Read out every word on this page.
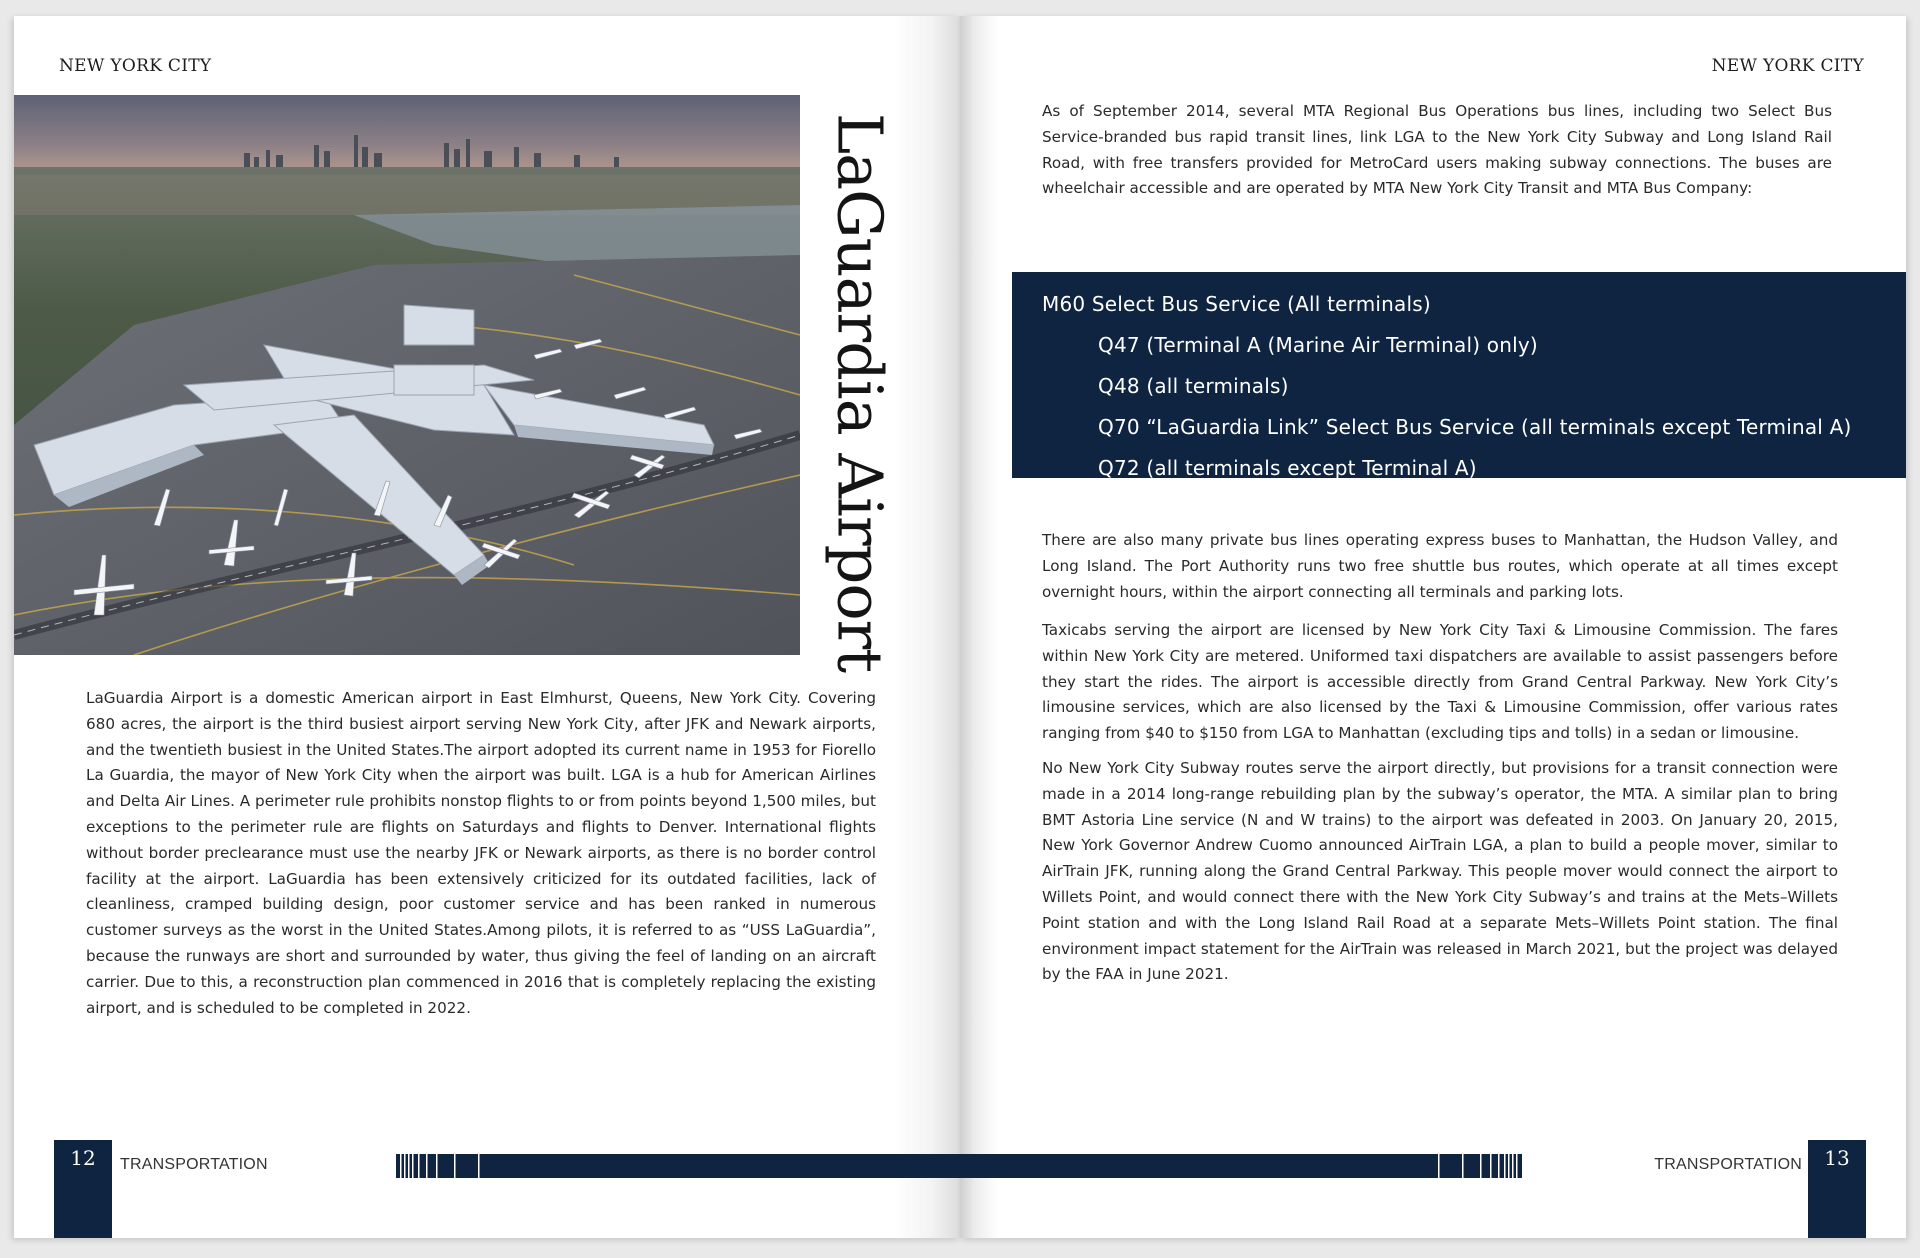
NEW YORK CITY
LaGuardia Airport

LaGuardia Airport is a domestic American airport in East Elmhurst, Queens, New York City. Covering 680 acres, the airport is the third busiest airport serving New York City, after JFK and Newark airports, and the twentieth busiest in the United States.The airport adopted its current name in 1953 for Fiorello La Guardia, the mayor of New York City when the airport was built. LGA is a hub for American Airlines and Delta Air Lines. A perimeter rule prohibits nonstop flights to or from points beyond 1,500 miles, but exceptions to the perimeter rule are flights on Saturdays and flights to Denver. International flights without border preclearance must use the nearby JFK or Newark airports, as there is no border control facility at the airport. LaGuardia has been extensively criticized for its outdated facilities, lack of cleanliness, cramped building design, poor customer service and has been ranked in numerous customer surveys as the worst in the United States.Among pilots, it is referred to as “USS LaGuardia”, because the runways are short and surrounded by water, thus giving the feel of landing on an aircraft carrier. Due to this, a reconstruction plan commenced in 2016 that is completely replacing the existing airport, and is scheduled to be completed in 2022.

12	TRANSPORTATION
NEW YORK CITY

As of September 2014, several MTA Regional Bus Operations bus lines, including two Select Bus Service-branded bus rapid transit lines, link LGA to the New York City Subway and Long Island Rail Road, with free transfers provided for MetroCard users making subway connections. The buses are wheelchair accessible and are operated by MTA New York City Transit and MTA Bus Company:

M60 Select Bus Service (All terminals)
Q47 (Terminal A (Marine Air Terminal) only)
Q48 (all terminals)
Q70 “LaGuardia Link” Select Bus Service (all terminals except Terminal A)
Q72 (all terminals except Terminal A)

There are also many private bus lines operating express buses to Manhattan, the Hudson Valley, and Long Island. The Port Authority runs two free shuttle bus routes, which operate at all times except overnight hours, within the airport connecting all terminals and parking lots.

Taxicabs serving the airport are licensed by New York City Taxi & Limousine Commission. The fares within New York City are metered. Uniformed taxi dispatchers are available to assist passengers before they start the rides. The airport is accessible directly from Grand Central Parkway. New York City’s limousine services, which are also licensed by the Taxi & Limousine Commission, offer various rates ranging from $40 to $150 from LGA to Manhattan (excluding tips and tolls) in a sedan or limousine.

No New York City Subway routes serve the airport directly, but provisions for a transit connection were made in a 2014 long-range rebuilding plan by the subway’s operator, the MTA. A similar plan to bring BMT Astoria Line service (N and W trains) to the airport was defeated in 2003. On January 20, 2015, New York Governor Andrew Cuomo announced AirTrain LGA, a plan to build a people mover, similar to AirTrain JFK, running along the Grand Central Parkway. This people mover would connect the airport to Willets Point, and would connect there with the New York City Subway’s and trains at the Mets–Willets Point station and with the Long Island Rail Road at a separate Mets–Willets Point station. The final environment impact statement for the AirTrain was released in March 2021, but the project was delayed by the FAA in June 2021.

13
TRANSPORTATION
